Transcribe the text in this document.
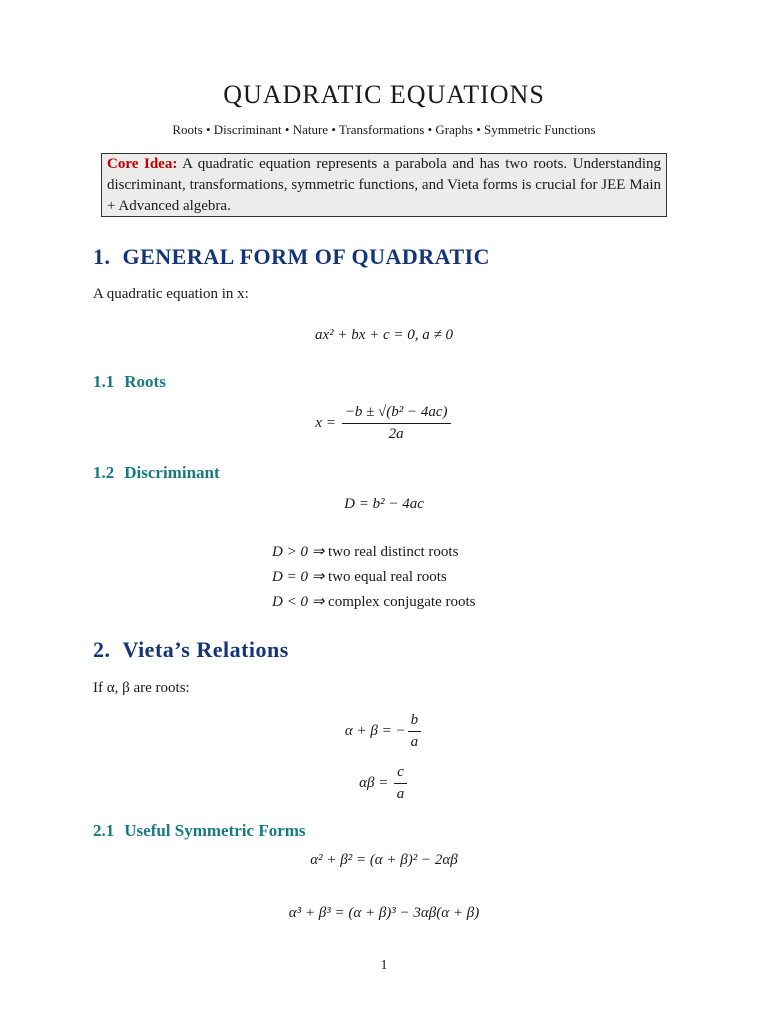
QUADRATIC EQUATIONS
Roots • Discriminant • Nature • Transformations • Graphs • Symmetric Functions
Core Idea: A quadratic equation represents a parabola and has two roots. Understanding discriminant, transformations, symmetric functions, and Vieta forms is crucial for JEE Main + Advanced algebra.
1. GENERAL FORM OF QUADRATIC
A quadratic equation in x:
ax² + bx + c = 0, a ≠ 0
1.1 Roots
$x = \frac{\text{−b ± √(b² − 4ac)}}{2a}$
1.2 Discriminant
D = b² − 4ac
D > 0 ⇒ two real distinct roots
D = 0 ⇒ two equal real roots
D < 0 ⇒ complex conjugate roots
2. Vieta’s Relations
If α, β are roots:
α + β = − $\frac{b}{a}$
$\alpha\beta = \frac{c}{a}$
2.1 Useful Symmetric Forms
α² + β² = (α + β)² − 2αβ
α³ + β³ = (α + β)³ − 3αβ(α + β)
1
